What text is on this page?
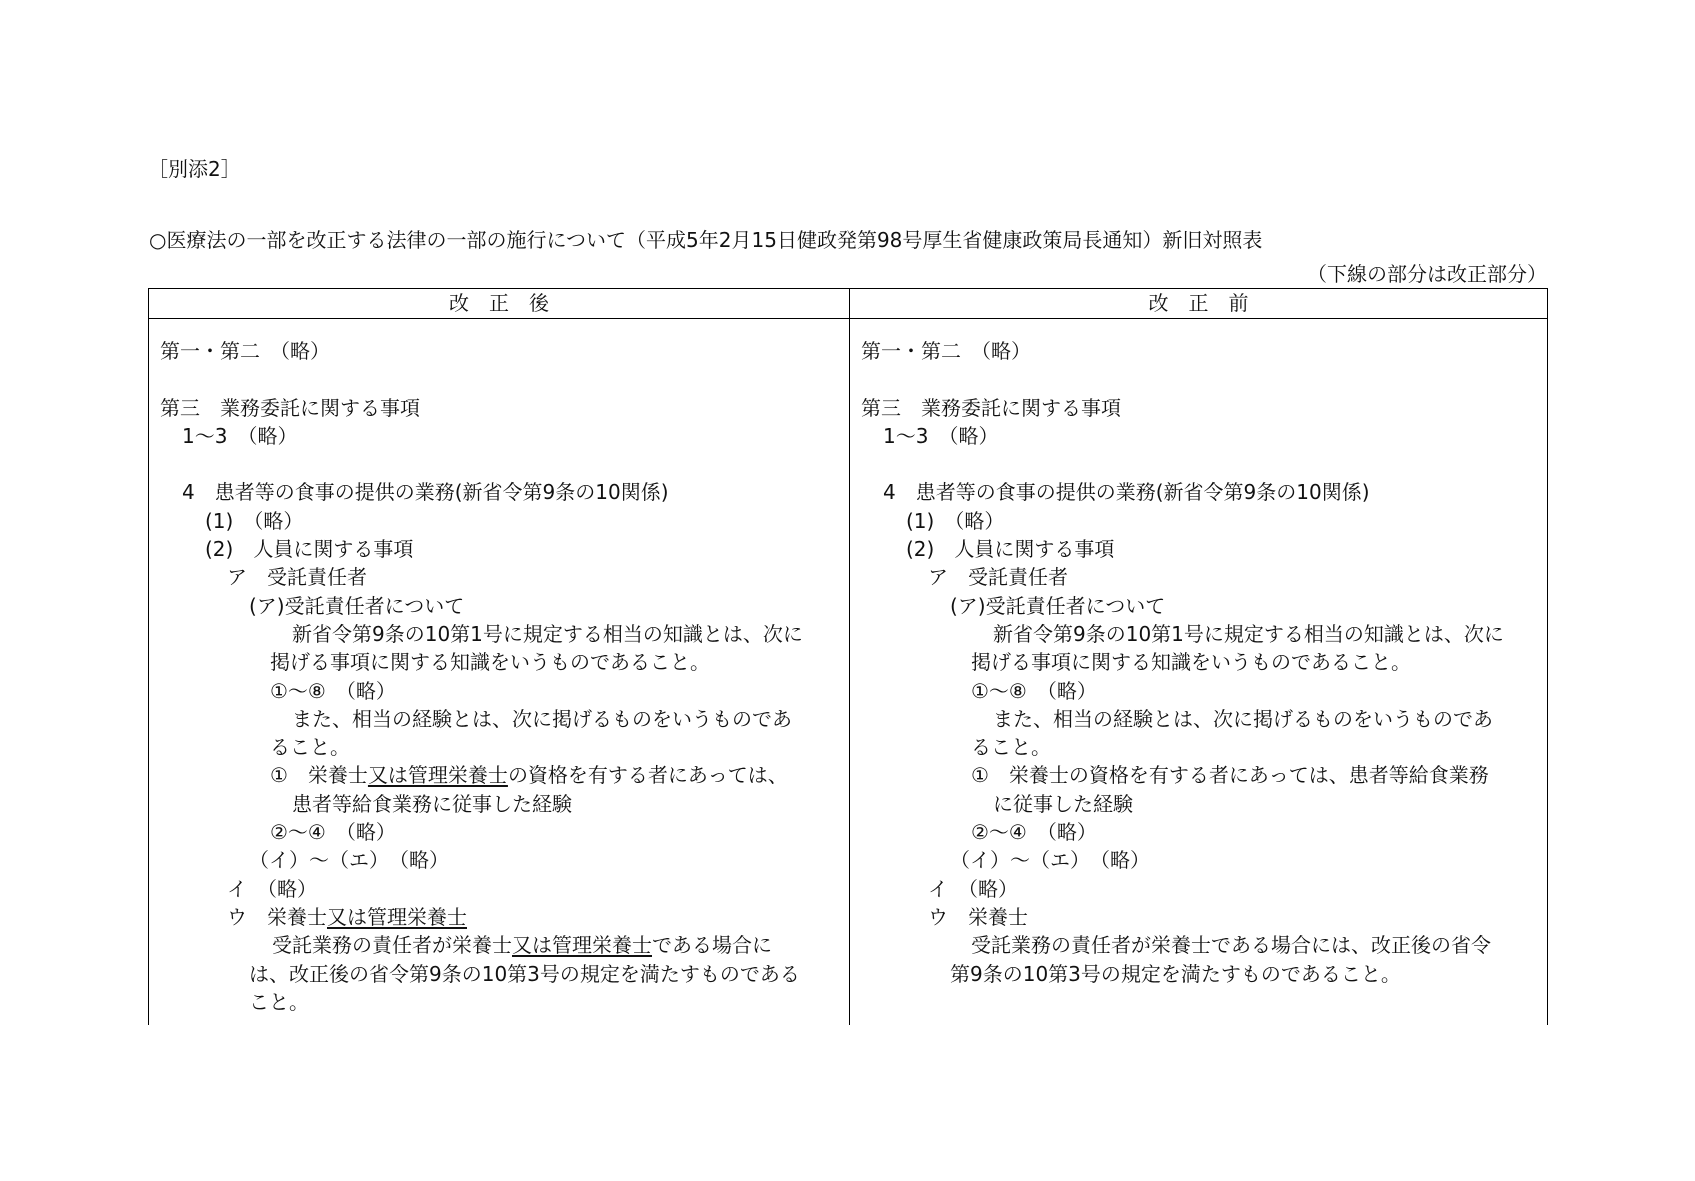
［別添2］
○医療法の一部を改正する法律の一部の施行について（平成5年2月15日健政発第98号厚生省健康政策局長通知）新旧対照表
（下線の部分は改正部分）
改　正　後
第一・第二　（略）
第三　業務委託に関する事項
1～3　（略）
4　患者等の食事の提供の業務(新省令第9条の10関係)
(1)　（略）
(2)　人員に関する事項
ア　受託責任者
(ア)受託責任者について
新省令第9条の10第1号に規定する相当の知識とは、次に
掲げる事項に関する知識をいうものであること。
①～⑧　（略）
また、相当の経験とは、次に掲げるものをいうものであ
ること。
①　栄養士又は管理栄養士の資格を有する者にあっては、
患者等給食業務に従事した経験
②～④　（略）
（イ）～（エ）　（略）
イ　（略）
ウ　栄養士又は管理栄養士
受託業務の責任者が栄養士又は管理栄養士である場合に
は、改正後の省令第9条の10第3号の規定を満たすものである
こと。
改　正　前
第一・第二　（略）
第三　業務委託に関する事項
1～3　（略）
4　患者等の食事の提供の業務(新省令第9条の10関係)
(1)　（略）
(2)　人員に関する事項
ア　受託責任者
(ア)受託責任者について
新省令第9条の10第1号に規定する相当の知識とは、次に
掲げる事項に関する知識をいうものであること。
①～⑧　（略）
また、相当の経験とは、次に掲げるものをいうものであ
ること。
①　栄養士の資格を有する者にあっては、患者等給食業務
に従事した経験
②～④　（略）
（イ）～（エ）　（略）
イ　（略）
ウ　栄養士
受託業務の責任者が栄養士である場合には、改正後の省令
第9条の10第3号の規定を満たすものであること。
